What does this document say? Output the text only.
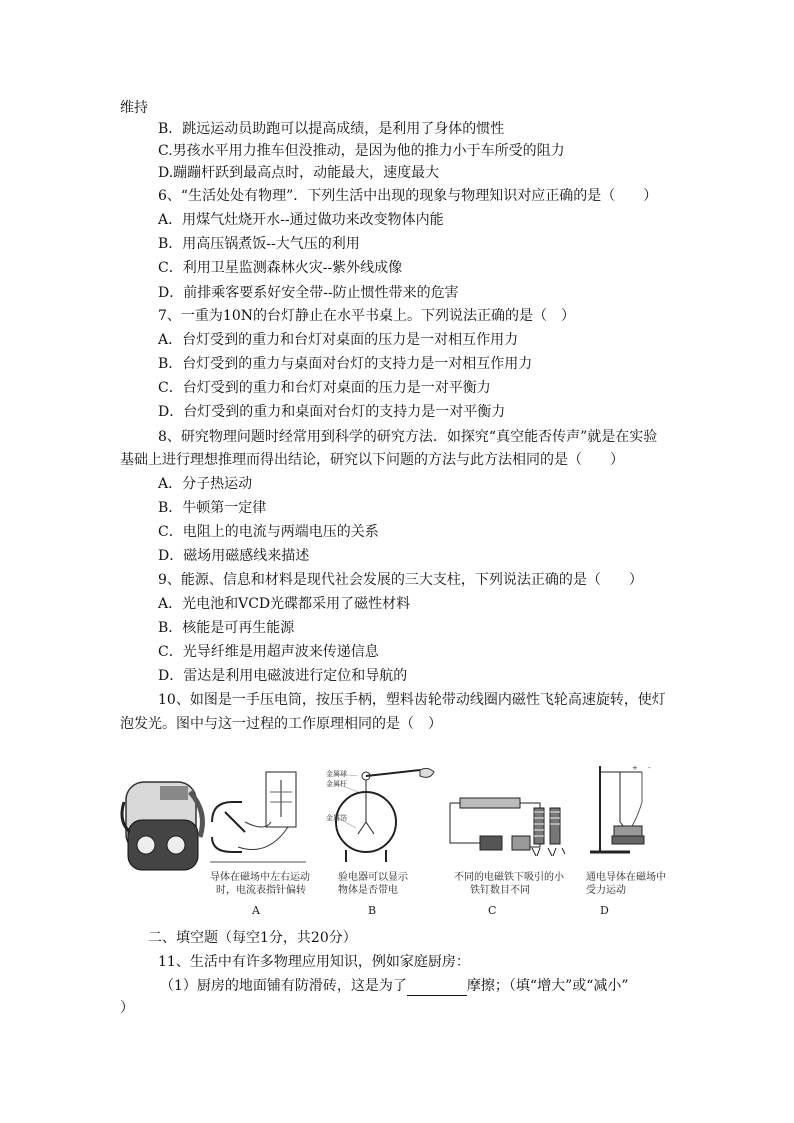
维持
B．跳远运动员助跑可以提高成绩，是利用了身体的惯性
C.男孩水平用力推车但没推动，是因为他的推力小于车所受的阻力
D.蹦蹦杆跃到最高点时，动能最大，速度最大
6、“生活处处有物理”．下列生活中出现的现象与物理知识对应正确的是（　　）
A．用煤气灶烧开水--通过做功来改变物体内能
B．用高压锅煮饭--大气压的利用
C．利用卫星监测森林火灾--紫外线成像
D．前排乘客要系好安全带--防止惯性带来的危害
7、一重为10N的台灯静止在水平书桌上。下列说法正确的是（　）
A．台灯受到的重力和台灯对桌面的压力是一对相互作用力
B．台灯受到的重力与桌面对台灯的支持力是一对相互作用力
C．台灯受到的重力和台灯对桌面的压力是一对平衡力
D．台灯受到的重力和桌面对台灯的支持力是一对平衡力
8、研究物理问题时经常用到科学的研究方法．如探究“真空能否传声”就是在实验
基础上进行理想推理而得出结论，研究以下问题的方法与此方法相同的是（　　）
A．分子热运动
B．牛顿第一定律
C．电阻上的电流与两端电压的关系
D．磁场用磁感线来描述
9、能源、信息和材料是现代社会发展的三大支柱，下列说法正确的是（　　）
A．光电池和VCD光碟都采用了磁性材料
B．核能是可再生能源
C．光导纤维是用超声波来传递信息
D．雷达是利用电磁波进行定位和导航的
10、如图是一手压电筒，按压手柄，塑料齿轮带动线圈内磁性飞轮高速旋转，使灯
泡发光。图中与这一过程的工作原理相同的是（　）
导体在磁场中左右运动
时，电流表指针偏转
A
金属球
金属杆
金属箔
验电器可以显示
物体是否带电
B
不同的电磁铁下吸引的小
铁钉数目不同
C
+ -
通电导体在磁场中
受力运动
D
二、填空题（每空1分，共20分）
11、生活中有许多物理应用知识，例如家庭厨房：
（1）厨房的地面铺有防滑砖，这是为了	摩擦；（填“增大”或“减小”
）
